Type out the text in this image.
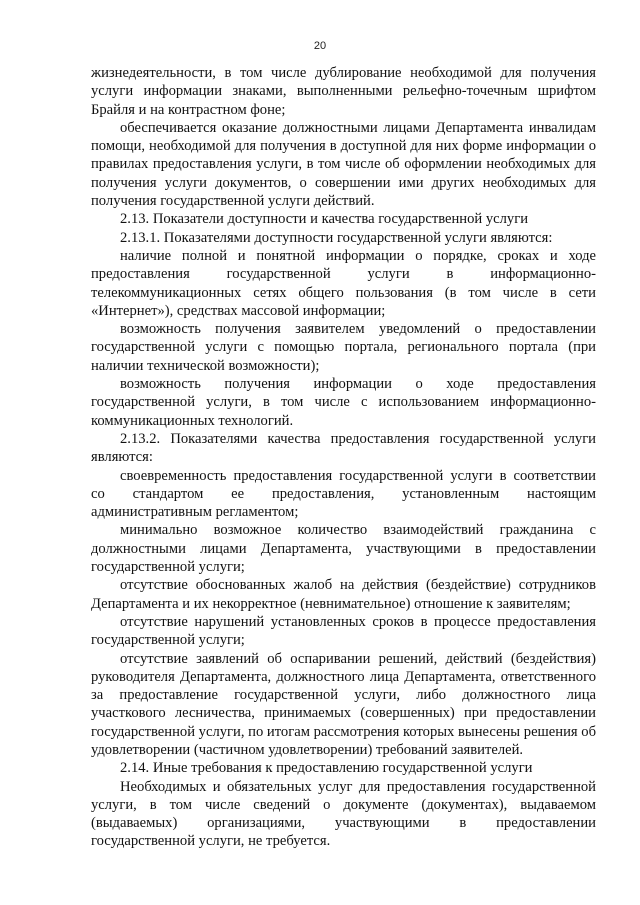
20

жизнедеятельности, в том числе дублирование необходимой для получения услуги информации знаками, выполненными рельефно-точечным шрифтом Брайля и на контрастном фоне;

обеспечивается оказание должностными лицами Департамента инвалидам помощи, необходимой для получения в доступной для них форме информации о правилах предоставления услуги, в том числе об оформлении необходимых для получения услуги документов, о совершении ими других необходимых для получения государственной услуги действий.

2.13. Показатели доступности и качества государственной услуги

2.13.1. Показателями доступности государственной услуги являются:

наличие полной и понятной информации о порядке, сроках и ходе предоставления государственной услуги в информационно-телекоммуникационных сетях общего пользования (в том числе в сети «Интернет»), средствах массовой информации;

возможность получения заявителем уведомлений о предоставлении государственной услуги с помощью портала, регионального портала (при наличии технической возможности);

возможность получения информации о ходе предоставления государственной услуги, в том числе с использованием информационно-коммуникационных технологий.

2.13.2. Показателями качества предоставления государственной услуги являются:

своевременность предоставления государственной услуги в соответствии со стандартом ее предоставления, установленным настоящим административным регламентом;

минимально возможное количество взаимодействий гражданина с должностными лицами Департамента, участвующими в предоставлении государственной услуги;

отсутствие обоснованных жалоб на действия (бездействие) сотрудников Департамента и их некорректное (невнимательное) отношение к заявителям;

отсутствие нарушений установленных сроков в процессе предоставления государственной услуги;

отсутствие заявлений об оспаривании решений, действий (бездействия) руководителя Департамента, должностного лица Департамента, ответственного за предоставление государственной услуги, либо должностного лица участкового лесничества, принимаемых (совершенных) при предоставлении государственной услуги, по итогам рассмотрения которых вынесены решения об удовлетворении (частичном удовлетворении) требований заявителей.

2.14. Иные требования к предоставлению государственной услуги

Необходимых и обязательных услуг для предоставления государственной услуги, в том числе сведений о документе (документах), выдаваемом (выдаваемых) организациями, участвующими в предоставлении государственной услуги, не требуется.
